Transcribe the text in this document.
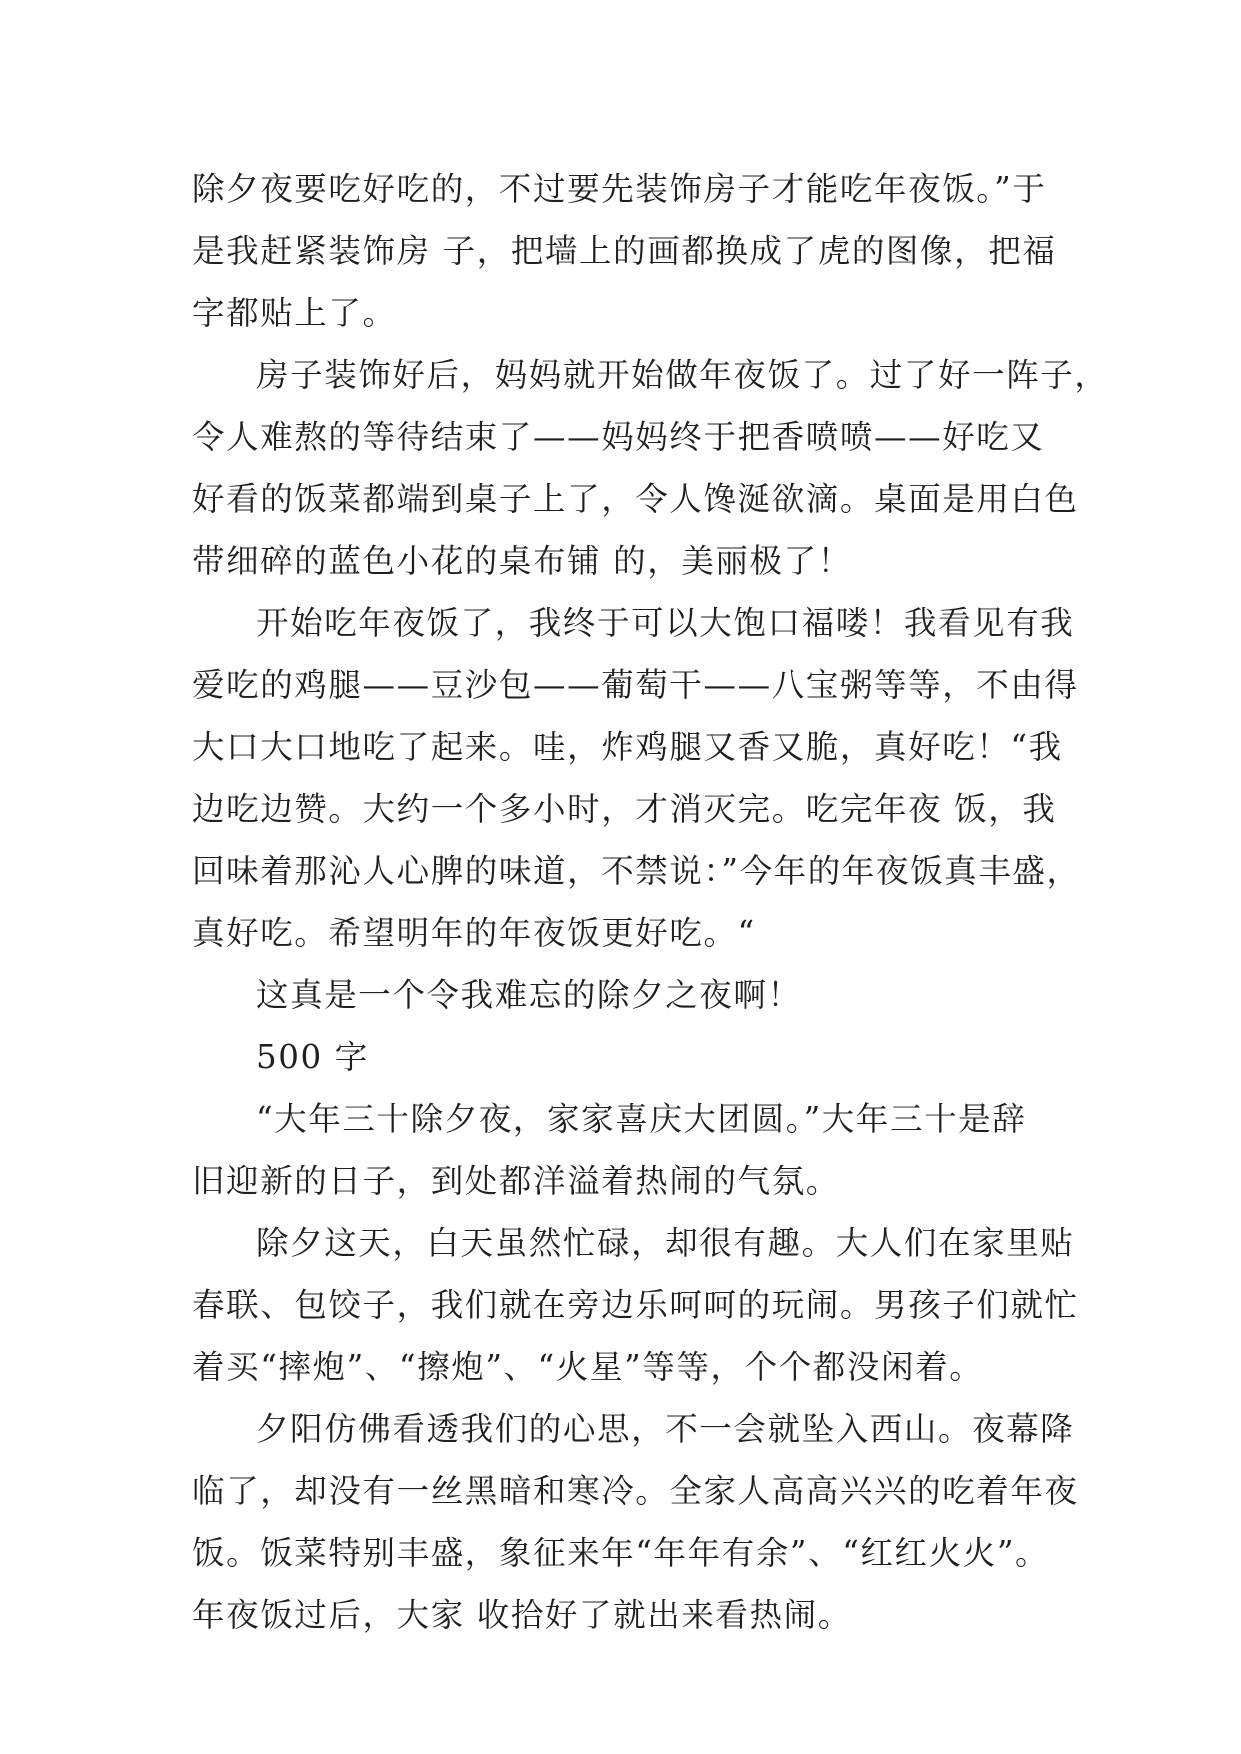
除夕夜要吃好吃的，不过要先装饰房子才能吃年夜饭。”于
是我赶紧装饰房 子，把墙上的画都换成了虎的图像，把福
字都贴上了。
房子装饰好后，妈妈就开始做年夜饭了。过了好一阵子，
令人难熬的等待结束了——妈妈终于把香喷喷——好吃又
好看的饭菜都端到桌子上了，令人馋涎欲滴。桌面是用白色
带细碎的蓝色小花的桌布铺 的，美丽极了！
开始吃年夜饭了，我终于可以大饱口福喽！我看见有我
爱吃的鸡腿——豆沙包——葡萄干——八宝粥等等，不由得
大口大口地吃了起来。哇，炸鸡腿又香又脆，真好吃！“我
边吃边赞。大约一个多小时，才消灭完。吃完年夜 饭，我
回味着那沁人心脾的味道，不禁说：”今年的年夜饭真丰盛，
真好吃。希望明年的年夜饭更好吃。“
这真是一个令我难忘的除夕之夜啊！
500 字
“大年三十除夕夜，家家喜庆大团圆。”大年三十是辞
旧迎新的日子，到处都洋溢着热闹的气氛。
除夕这天，白天虽然忙碌，却很有趣。大人们在家里贴
春联、包饺子，我们就在旁边乐呵呵的玩闹。男孩子们就忙
着买“摔炮”、“擦炮”、“火星”等等，个个都没闲着。
夕阳仿佛看透我们的心思，不一会就坠入西山。夜幕降
临了，却没有一丝黑暗和寒冷。全家人高高兴兴的吃着年夜
饭。饭菜特别丰盛，象征来年“年年有余”、“红红火火”。
年夜饭过后，大家 收拾好了就出来看热闹。
